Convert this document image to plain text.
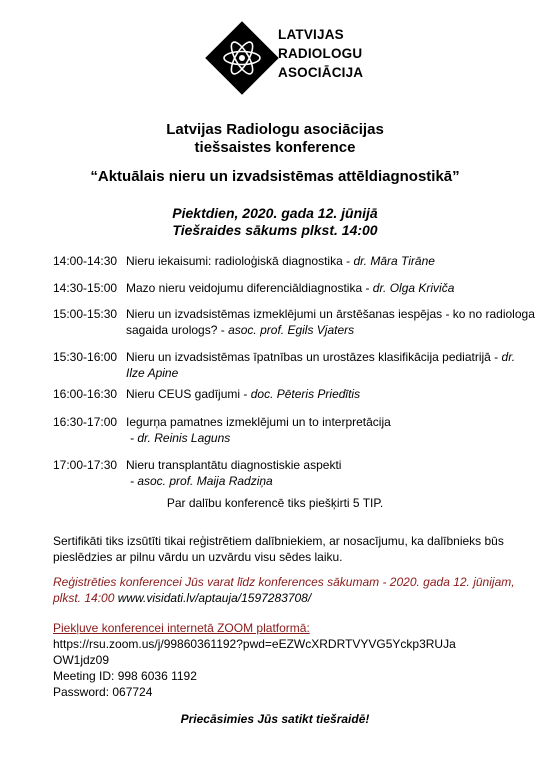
LATVIJAS
RADIOLOGU
ASOCIĀCIJA
Latvijas Radiologu asociācijas
tiešsaistes konference
“Aktuālais nieru un izvadsistēmas attēldiagnostikā”
Piektdien, 2020. gada 12. jūnijā
Tiešraides sākums plkst. 14:00
14:00-14:30 Nieru iekaisumi: radioloģiskā diagnostika - dr. Māra Tirāne
14:30-15:00 Mazo nieru veidojumu diferenciāldiagnostika - dr. Olga Kriviča
15:00-15:30 Nieru un izvadsistēmas izmeklējumi un ārstēšanas iespējas - ko no radiologa sagaida urologs? - asoc. prof. Egils Vjaters
15:30-16:00 Nieru un izvadsistēmas īpatnības un urostāzes klasifikācija pediatrijā - dr. Ilze Apine
16:00-16:30 Nieru CEUS gadījumi - doc. Pēteris Priedītis
16:30-17:00 Iegurņa pamatnes izmeklējumi un to interpretācija
- dr. Reinis Laguns
17:00-17:30 Nieru transplantātu diagnostiskie aspekti
- asoc. prof. Maija Radziņa
Par dalību konferencē tiks piešķirti 5 TIP.
Sertifikāti tiks izsūtīti tikai reģistrētiem dalībniekiem, ar nosacījumu, ka dalībnieks būs pieslēdzies ar pilnu vārdu un uzvārdu visu sēdes laiku.
Reģistrēties konferencei Jūs varat līdz konferences sākumam - 2020. gada 12. jūnijam, plkst. 14:00 www.visidati.lv/aptauja/1597283708/
Piekļuve konferencei internetā ZOOM platformā:
https://rsu.zoom.us/j/99860361192?pwd=eEZWcXRDRTVYVG5Yckp3RUJa
OW1jdz09
Meeting ID: 998 6036 1192
Password: 067724
Priecāsimies Jūs satikt tiešraidē!
